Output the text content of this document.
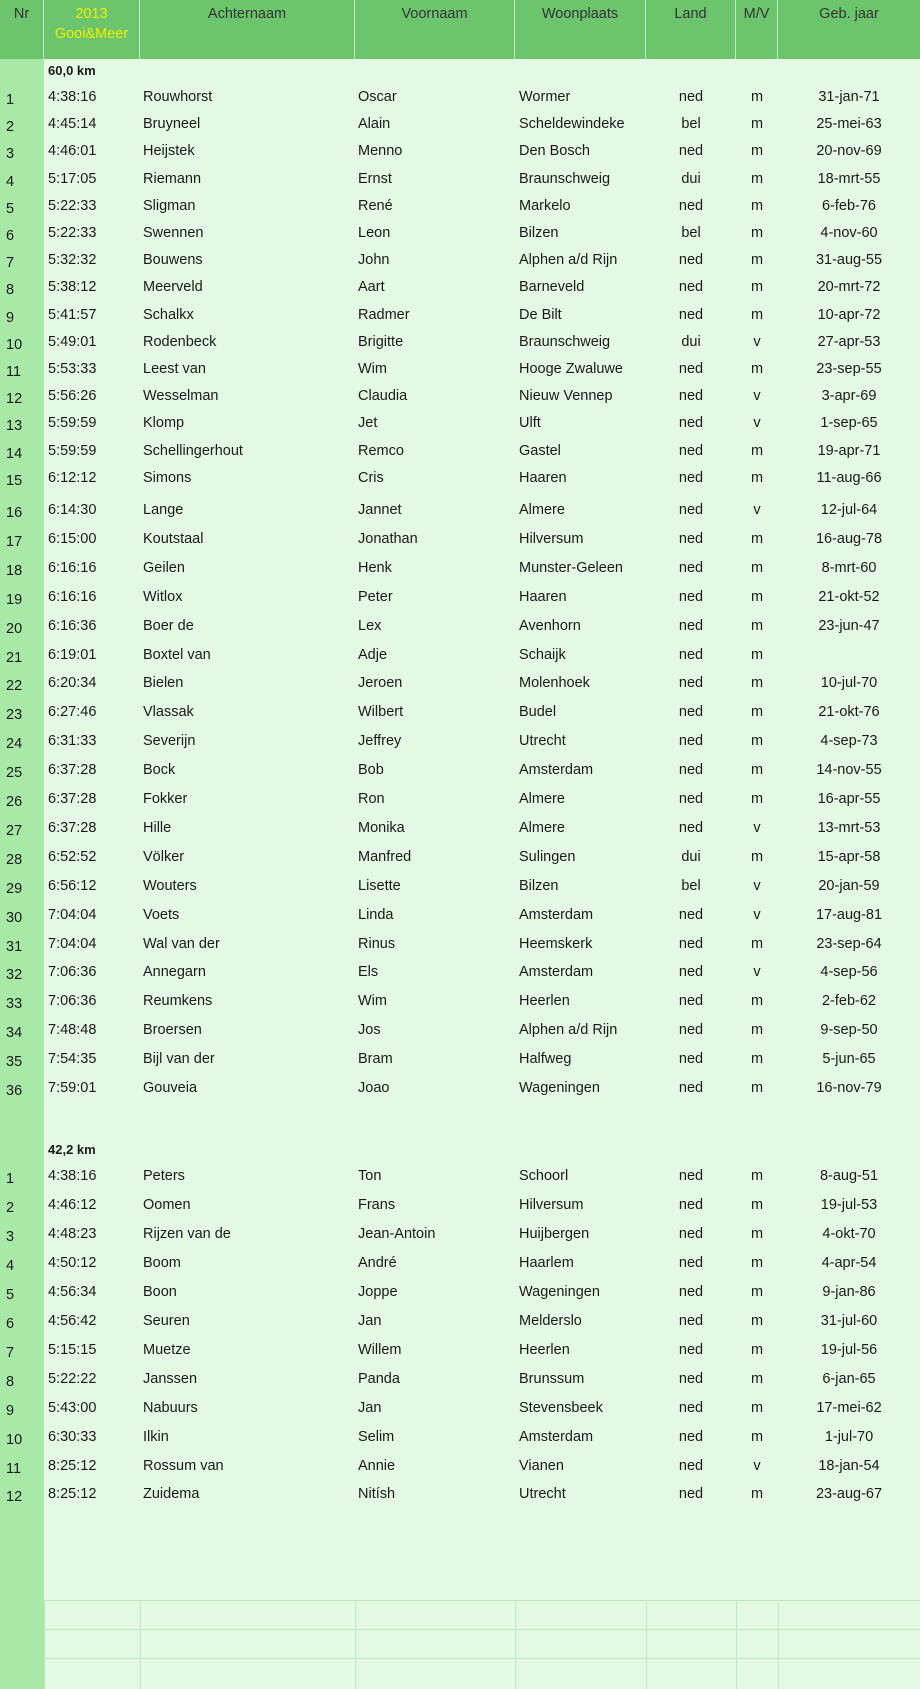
Nr	2013
Gooi&Meer
Achternaam	Voornaam	Woonplaats	Land	M/V	Geb. jaar
60,0 km
1 4:38:16	Rouwhorst	Oscar	Wormer	ned	m	31-jan-71
2 4:45:14	Bruyneel	Alain	Scheldewindeke	bel	m	25-mei-63
3 4:46:01	Heijstek	Menno	Den Bosch	ned	m	20-nov-69
4 5:17:05	Riemann	Ernst	Braunschweig	dui	m	18-mrt-55
5 5:22:33	Sligman	René	Markelo	ned	m	6-feb-76
6 5:22:33	Swennen	Leon	Bilzen	bel	m	4-nov-60
7 5:32:32	Bouwens	John	Alphen a/d Rijn	ned	m	31-aug-55
8 5:38:12	Meerveld	Aart	Barneveld	ned	m	20-mrt-72
9 5:41:57	Schalkx	Radmer	De Bilt	ned	m	10-apr-72
10 5:49:01	Rodenbeck	Brigitte	Braunschweig	dui	v	27-apr-53
11 5:53:33	Leest van	Wim	Hooge Zwaluwe	ned	m	23-sep-55
12 5:56:26	Wesselman	Claudia	Nieuw Vennep	ned	v	3-apr-69
13 5:59:59	Klomp	Jet	Ulft	ned	v	1-sep-65
14 5:59:59	Schellingerhout	Remco	Gastel	ned	m	19-apr-71
15 6:12:12	Simons	Cris	Haaren	ned	m	11-aug-66
16 6:14:30	Lange	Jannet	Almere	ned	v	12-jul-64
17 6:15:00	Koutstaal	Jonathan	Hilversum	ned	m	16-aug-78
18 6:16:16	Geilen	Henk	Munster-Geleen	ned	m	8-mrt-60
19 6:16:16	Witlox	Peter	Haaren	ned	m	21-okt-52
20 6:16:36	Boer de	Lex	Avenhorn	ned	m	23-jun-47
21 6:19:01	Boxtel van	Adje	Schaijk	ned	m
22 6:20:34	Bielen	Jeroen	Molenhoek	ned	m	10-jul-70
23 6:27:46	Vlassak	Wilbert	Budel	ned	m	21-okt-76
24 6:31:33	Severijn	Jeffrey	Utrecht	ned	m	4-sep-73
25 6:37:28	Bock	Bob	Amsterdam	ned	m	14-nov-55
26 6:37:28	Fokker	Ron	Almere	ned	m	16-apr-55
27 6:37:28	Hille	Monika	Almere	ned	v	13-mrt-53
28 6:52:52	Völker	Manfred	Sulingen	dui	m	15-apr-58
29 6:56:12	Wouters	Lisette	Bilzen	bel	v	20-jan-59
30 7:04:04	Voets	Linda	Amsterdam	ned	v	17-aug-81
31 7:04:04	Wal van der	Rinus	Heemskerk	ned	m	23-sep-64
32 7:06:36	Annegarn	Els	Amsterdam	ned	v	4-sep-56
33 7:06:36	Reumkens	Wim	Heerlen	ned	m	2-feb-62
34 7:48:48	Broersen	Jos	Alphen a/d Rijn	ned	m	9-sep-50
35 7:54:35	Bijl van der	Bram	Halfweg	ned	m	5-jun-65
36 7:59:01	Gouveia	Joao	Wageningen	ned	m	16-nov-79
42,2 km
1 4:38:16	Peters	Ton	Schoorl	ned	m	8-aug-51
2 4:46:12	Oomen	Frans	Hilversum	ned	m	19-jul-53
3 4:48:23	Rijzen van de	Jean-Antoin	Huijbergen	ned	m	4-okt-70
4 4:50:12	Boom	André	Haarlem	ned	m	4-apr-54
5 4:56:34	Boon	Joppe	Wageningen	ned	m	9-jan-86
6 4:56:42	Seuren	Jan	Melderslo	ned	m	31-jul-60
7 5:15:15	Muetze	Willem	Heerlen	ned	m	19-jul-56
8 5:22:22	Janssen	Panda	Brunssum	ned	m	6-jan-65
9 5:43:00	Nabuurs	Jan	Stevensbeek	ned	m	17-mei-62
10 6:30:33	Ilkin	Selim	Amsterdam	ned	m	1-jul-70
11 8:25:12	Rossum van	Annie	Vianen	ned	v	18-jan-54
12 8:25:12	Zuidema	Nitísh	Utrecht	ned	m	23-aug-67
